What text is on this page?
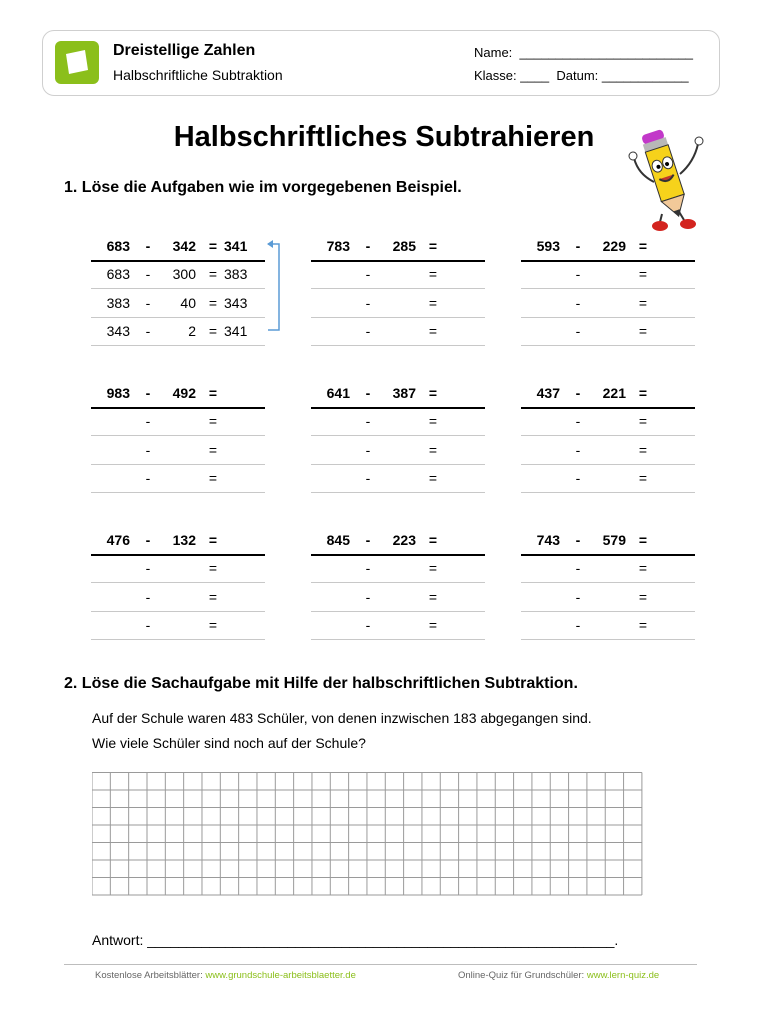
Dreistellige Zahlen
Halbschriftliche Subtraktion
Name:  ________________________
Klasse: ____  Datum: ____________
Halbschriftliches Subtrahieren
1. Löse die Aufgaben wie im vorgegebenen Beispiel.
683 -	342 = 341
683 -	300 = 383
383 -	40 = 343
343 -	2 = 341
783 -	285 =
-	=
-	=
-	=
593 -	229 =
-	=
-	=
-	=
983 -	492 =
-	=
-	=
-	=
641 -	387 =
-	=
-	=
-	=
437 -	221 =
-	=
-	=
-	=
476 -	132 =
-	=
-	=
-	=
845 -	223 =
-	=
-	=
-	=
743 -	579 =
-	=
-	=
-	=
2. Löse die Sachaufgabe mit Hilfe der halbschriftlichen Subtraktion.
Auf der Schule waren 483 Schüler, von denen inzwischen 183 abgegangen sind.
Wie viele Schüler sind noch auf der Schule?
Antwort: ____________________________________________________________.
Kostenlose Arbeitsblätter: www.grundschule-arbeitsblaetter.de	Online-Quiz für Grundschüler: www.lern-quiz.de
